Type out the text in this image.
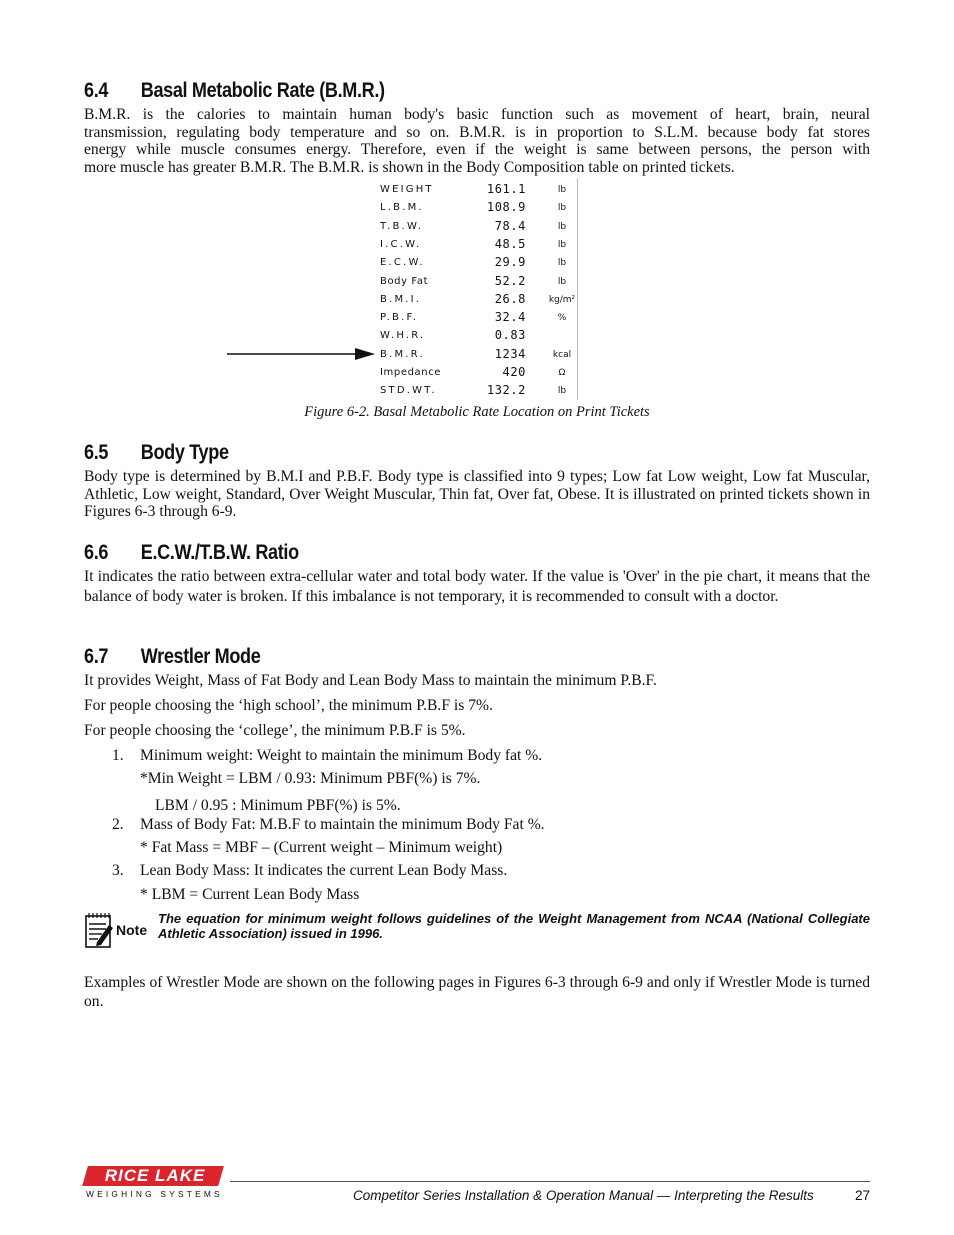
6.4 Basal Metabolic Rate (B.M.R.)
B.M.R. is the calories to maintain human body's basic function such as movement of heart, brain, neural
transmission, regulating body temperature and so on. B.M.R. is in proportion to S.L.M. because body fat stores
energy while muscle consumes energy. Therefore, even if the weight is same between persons, the person with
more muscle has greater B.M.R. The B.M.R. is shown in the Body Composition table on printed tickets.
WEIGHT	161.1	lb
L.B.M.	108.9	lb
T.B.W.	78.4	lb
I.C.W.	48.5	lb
E.C.W.	29.9	lb
Body Fat	52.2	lb
B.M.I.	26.8	kg/m²
P.B.F.	32.4	%
W.H.R.	0.83
B.M.R.	1234	kcal
Impedance	420	Ω
STD.WT.	132.2	lb
Figure 6-2. Basal Metabolic Rate Location on Print Tickets
6.5 Body Type
Body type is determined by B.M.I and P.B.F. Body type is classified into 9 types; Low fat Low weight, Low fat Muscular, Athletic, Low weight, Standard, Over Weight Muscular, Thin fat, Over fat, Obese. It is illustrated on printed tickets shown in Figures 6-3 through 6-9.
6.6 E.C.W./T.B.W. Ratio
It indicates the ratio between extra-cellular water and total body water. If the value is 'Over' in the pie chart, it means that the balance of body water is broken. If this imbalance is not temporary, it is recommended to consult with a doctor.
6.7 Wrestler Mode
It provides Weight, Mass of Fat Body and Lean Body Mass to maintain the minimum P.B.F.
For people choosing the ‘high school’, the minimum P.B.F is 7%.
For people choosing the ‘college’, the minimum P.B.F is 5%.
1. Minimum weight: Weight to maintain the minimum Body fat %.
*Min Weight = LBM / 0.93: Minimum PBF(%) is 7%.
LBM / 0.95 : Minimum PBF(%) is 5%.
2. Mass of Body Fat: M.B.F to maintain the minimum Body Fat %.
* Fat Mass = MBF – (Current weight – Minimum weight)
3. Lean Body Mass: It indicates the current Lean Body Mass.
* LBM = Current Lean Body Mass
Note
The equation for minimum weight follows guidelines of the Weight Management from NCAA (National Collegiate Athletic Association) issued in 1996.
Examples of Wrestler Mode are shown on the following pages in Figures 6-3 through 6-9 and only if Wrestler Mode is turned on.
RICE LAKE
WEIGHING SYSTEMS	Competitor Series Installation & Operation Manual — Interpreting the Results	27
